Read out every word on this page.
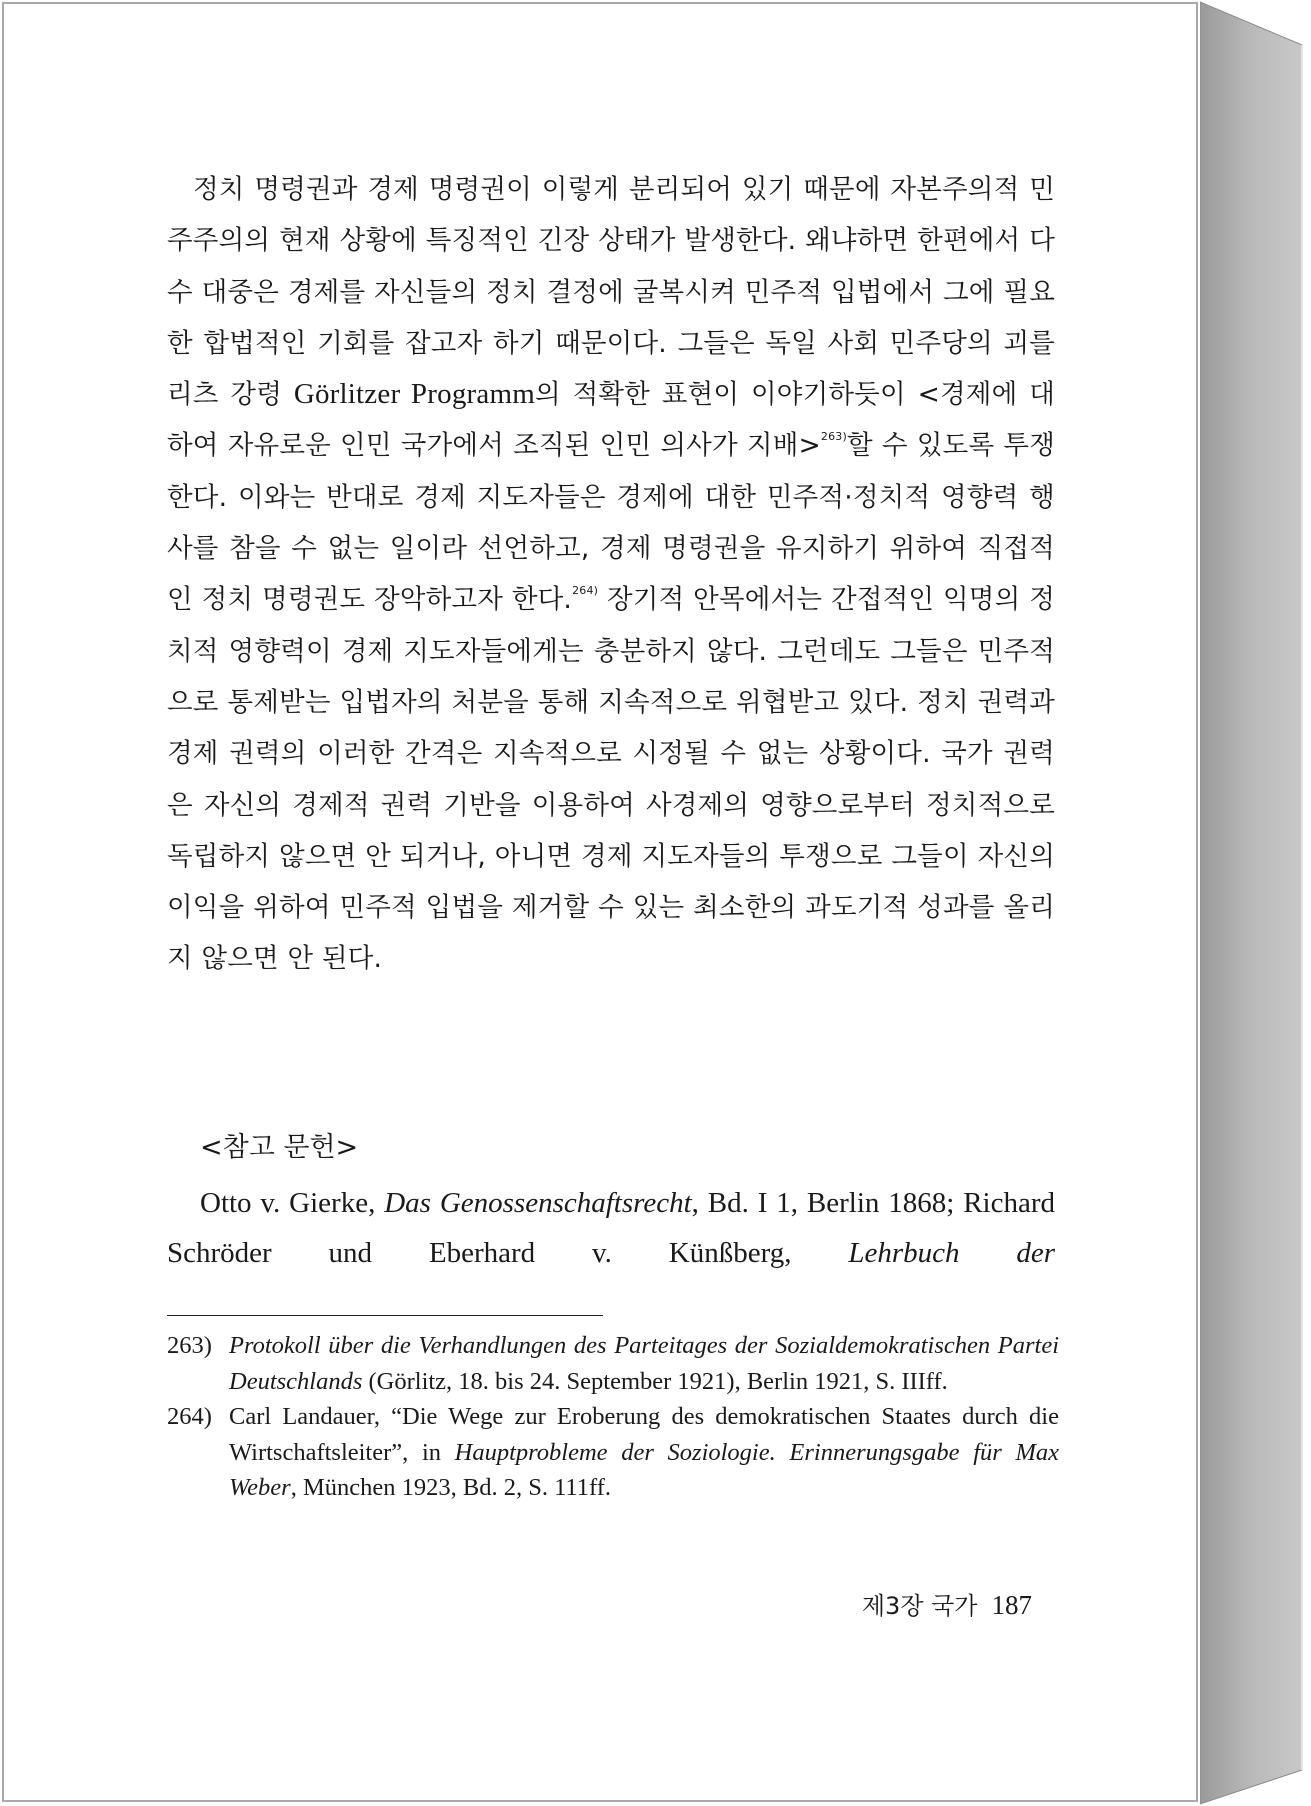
정치 명령권과 경제 명령권이 이렇게 분리되어 있기 때문에 자본주의적 민주주의의 현재 상황에 특징적인 긴장 상태가 발생한다. 왜냐하면 한편에서 다수 대중은 경제를 자신들의 정치 결정에 굴복시켜 민주적 입법에서 그에 필요한 합법적인 기회를 잡고자 하기 때문이다. 그들은 독일 사회 민주당의 괴를리츠 강령 Görlitzer Programm의 적확한 표현이 이야기하듯이 <경제에 대하여 자유로운 인민 국가에서 조직된 인민 의사가 지배>$^{263)}$할 수 있도록 투쟁한다. 이와는 반대로 경제 지도자들은 경제에 대한 민주적·정치적 영향력 행사를 참을 수 없는 일이라 선언하고, 경제 명령권을 유지하기 위하여 직접적인 정치 명령권도 장악하고자 한다.$^{264)}$ 장기적 안목에서는 간접적인 익명의 정치적 영향력이 경제 지도자들에게는 충분하지 않다. 그런데도 그들은 민주적으로 통제받는 입법자의 처분을 통해 지속적으로 위협받고 있다. 정치 권력과 경제 권력의 이러한 간격은 지속적으로 시정될 수 없는 상황이다. 국가 권력은 자신의 경제적 권력 기반을 이용하여 사경제의 영향으로부터 정치적으로 독립하지 않으면 안 되거나, 아니면 경제 지도자들의 투쟁으로 그들이 자신의 이익을 위하여 민주적 입법을 제거할 수 있는 최소한의 과도기적 성과를 올리지 않으면 안 된다.

<참고 문헌>

Otto v. Gierke, Das Genossenschaftsrecht, Bd. I 1, Berlin 1868; Richard Schröder und Eberhard v. Künßberg, Lehrbuch der

263) Protokoll über die Verhandlungen des Parteitages der Sozialdemokratischen Partei Deutschlands (Görlitz, 18. bis 24. September 1921), Berlin 1921, S. IIIff.
264) Carl Landauer, “Die Wege zur Eroberung des demokratischen Staates durch die Wirtschaftsleiter”, in Hauptprobleme der Soziologie. Erinnerungsgabe für Max Weber, München 1923, Bd. 2, S. 111ff.
제3장 국가 187
